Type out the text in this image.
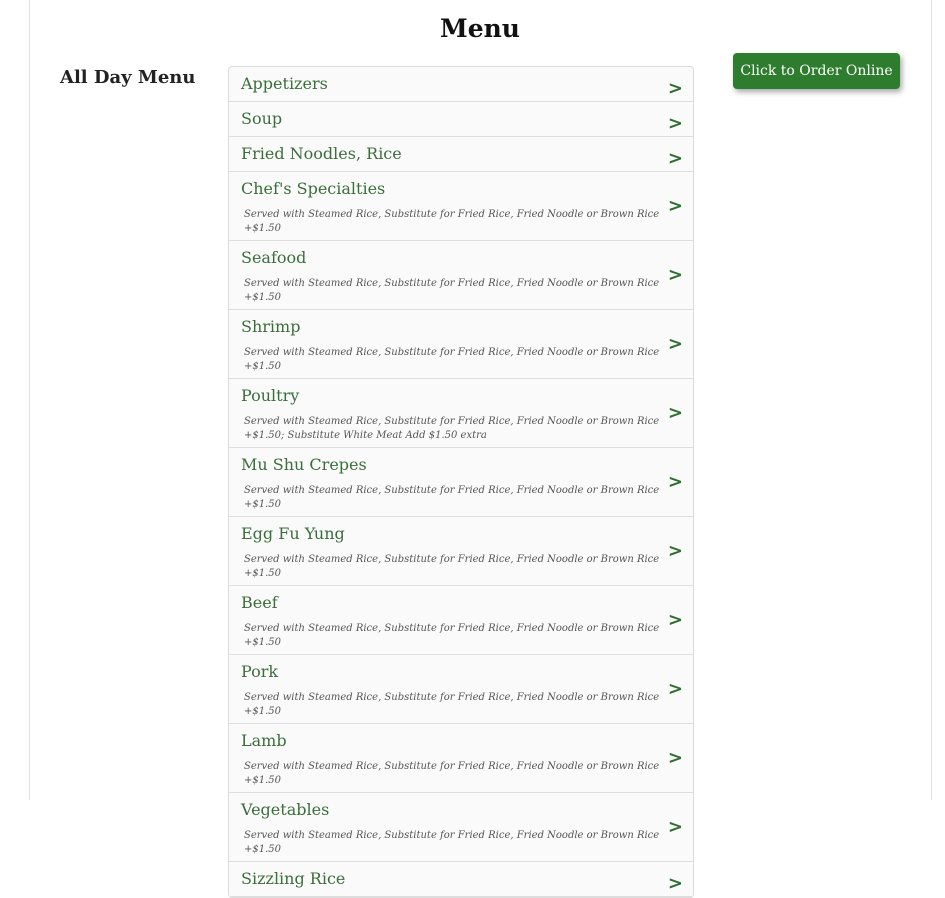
Menu
All Day Menu	Click to Order Online
Appetizers	>
Soup	>
Fried Noodles, Rice	>
Chef's Specialties
Served with Steamed Rice, Substitute for Fried Rice, Fried Noodle or Brown Rice +$1.50
>
Seafood
Served with Steamed Rice, Substitute for Fried Rice, Fried Noodle or Brown Rice +$1.50
>
Shrimp
Served with Steamed Rice, Substitute for Fried Rice, Fried Noodle or Brown Rice +$1.50
>
Poultry
Served with Steamed Rice, Substitute for Fried Rice, Fried Noodle or Brown Rice +$1.50; Substitute White Meat Add $1.50 extra
>
Mu Shu Crepes
Served with Steamed Rice, Substitute for Fried Rice, Fried Noodle or Brown Rice +$1.50
>
Egg Fu Yung
Served with Steamed Rice, Substitute for Fried Rice, Fried Noodle or Brown Rice +$1.50
>
Beef
Served with Steamed Rice, Substitute for Fried Rice, Fried Noodle or Brown Rice +$1.50
>
Pork
Served with Steamed Rice, Substitute for Fried Rice, Fried Noodle or Brown Rice +$1.50
>
Lamb
Served with Steamed Rice, Substitute for Fried Rice, Fried Noodle or Brown Rice +$1.50
>
Vegetables
Served with Steamed Rice, Substitute for Fried Rice, Fried Noodle or Brown Rice +$1.50
>
Sizzling Rice	>
